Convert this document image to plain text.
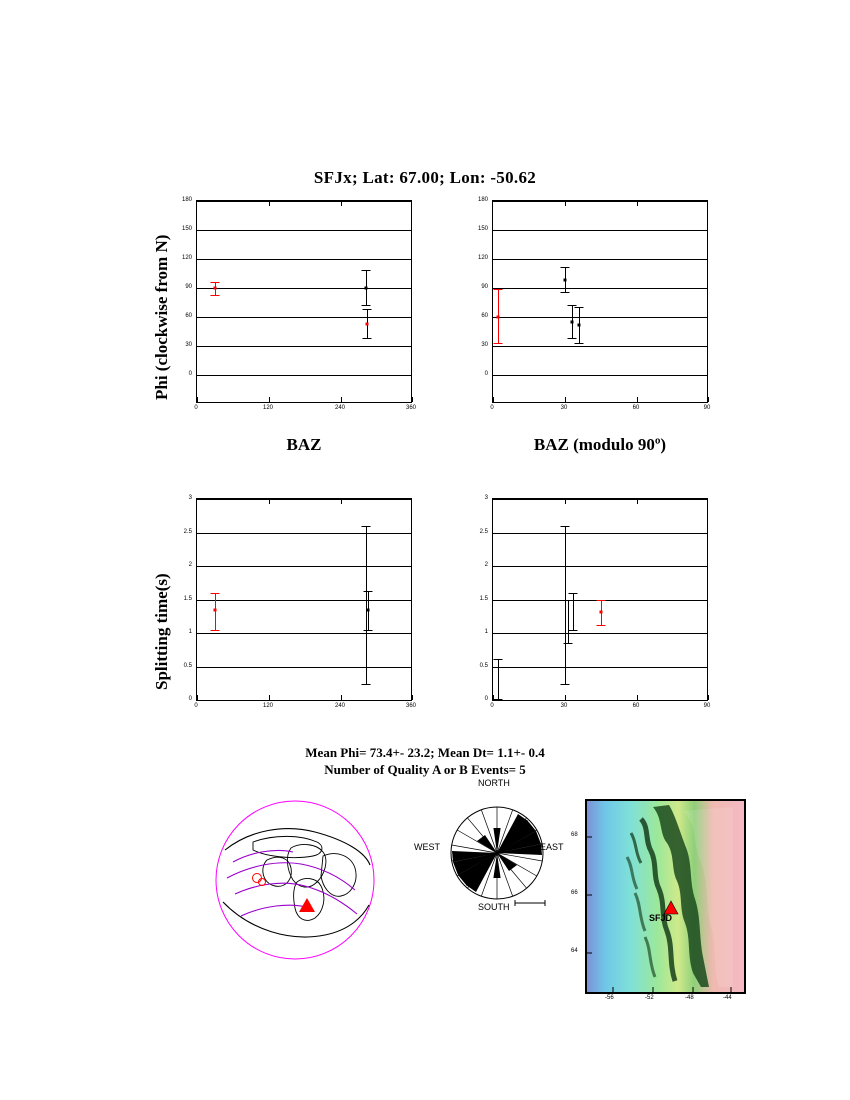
SFJx; Lat: 67.00; Lon: -50.62
Phi (clockwise from N)
Splitting time(s)
180
150
120
90
60
30
0
0	120	240	360
180
150
120
90
60
30
0
0	30	60	90
BAZ	BAZ (modulo 90º)
3
2.5
2
1.5
1
0.5
0
0	120	240	360
3
2.5
2
1.5
1
0.5
0
0	30	60	90
Mean Phi= 73.4+- 23.2; Mean Dt= 1.1+- 0.4
Number of Quality A or B Events= 5
NORTH
SOUTH
EAST
WEST
68
66
64
-56	-52	-48	-44
SFJD
